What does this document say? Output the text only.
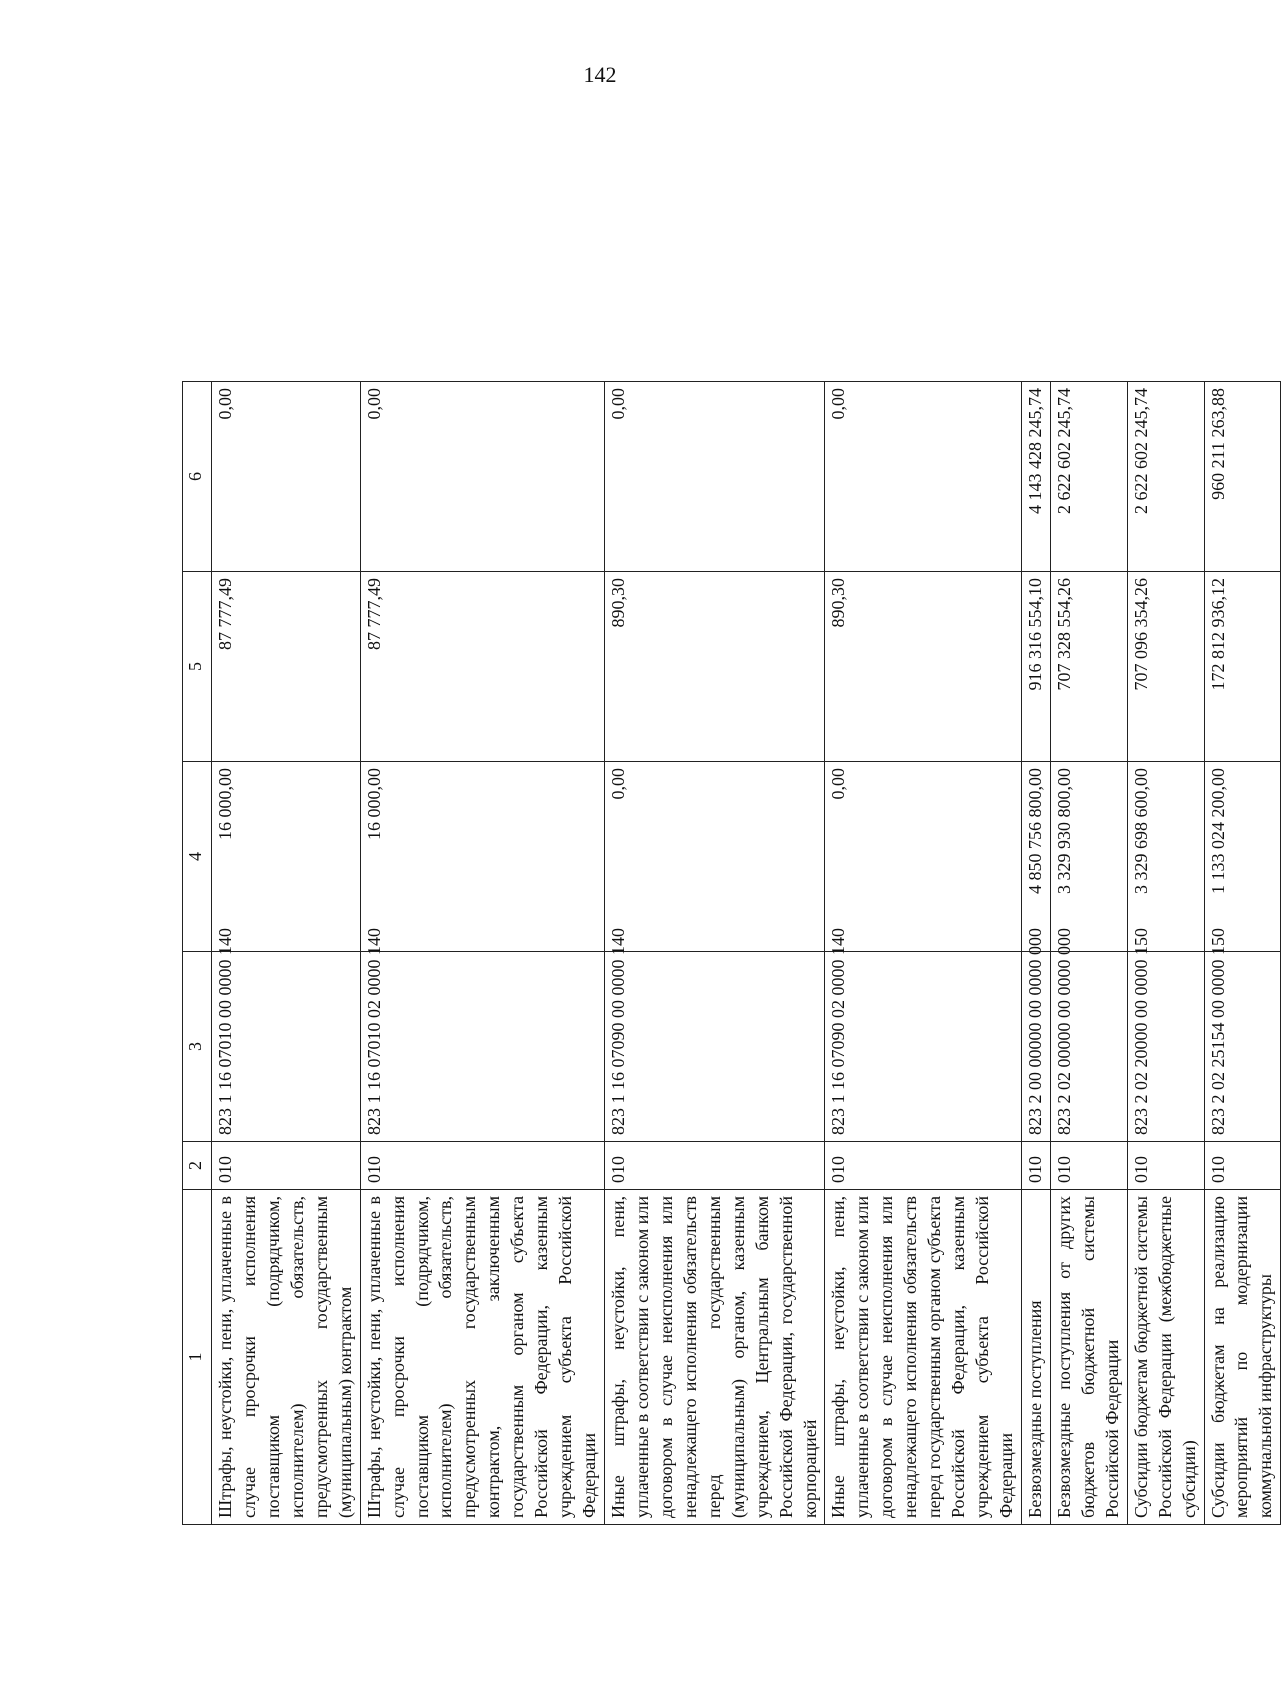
142
1	2	3	4	5	6
Штрафы, неустойки, пени, уплаченные в случае просрочки исполнения поставщиком (подрядчиком, исполнителем) обязательств, предусмотренных государственным (муниципальным) контрактом	010	823 1 16 07010 00 0000 140	16 000,00	87 777,49	0,00
Штрафы, неустойки, пени, уплаченные в случае просрочки исполнения поставщиком (подрядчиком, исполнителем) обязательств, предусмотренных государственным контрактом, заключенным государственным органом субъекта Российской Федерации, казенным учреждением субъекта Российской Федерации	010	823 1 16 07010 02 0000 140	16 000,00	87 777,49	0,00
Иные штрафы, неустойки, пени, уплаченные в соответствии с законом или договором в случае неисполнения или ненадлежащего исполнения обязательств перед государственным (муниципальным) органом, казенным учреждением, Центральным банком Российской Федерации, государственной корпорацией	010	823 1 16 07090 00 0000 140	0,00	890,30	0,00
Иные штрафы, неустойки, пени, уплаченные в соответствии с законом или договором в случае неисполнения или ненадлежащего исполнения обязательств перед государственным органом субъекта Российской Федерации, казенным учреждением субъекта Российской Федерации	010	823 1 16 07090 02 0000 140	0,00	890,30	0,00
Безвозмездные поступления	010	823 2 00 00000 00 0000 000	4 850 756 800,00	916 316 554,10	4 143 428 245,74
Безвозмездные поступления от других бюджетов бюджетной системы Российской Федерации	010	823 2 02 00000 00 0000 000	3 329 930 800,00	707 328 554,26	2 622 602 245,74
Субсидии бюджетам бюджетной системы Российской Федерации (межбюджетные субсидии)	010	823 2 02 20000 00 0000 150	3 329 698 600,00	707 096 354,26	2 622 602 245,74
Субсидии бюджетам на реализацию мероприятий по модернизации коммунальной инфраструктуры	010	823 2 02 25154 00 0000 150	1 133 024 200,00	172 812 936,12	960 211 263,88
